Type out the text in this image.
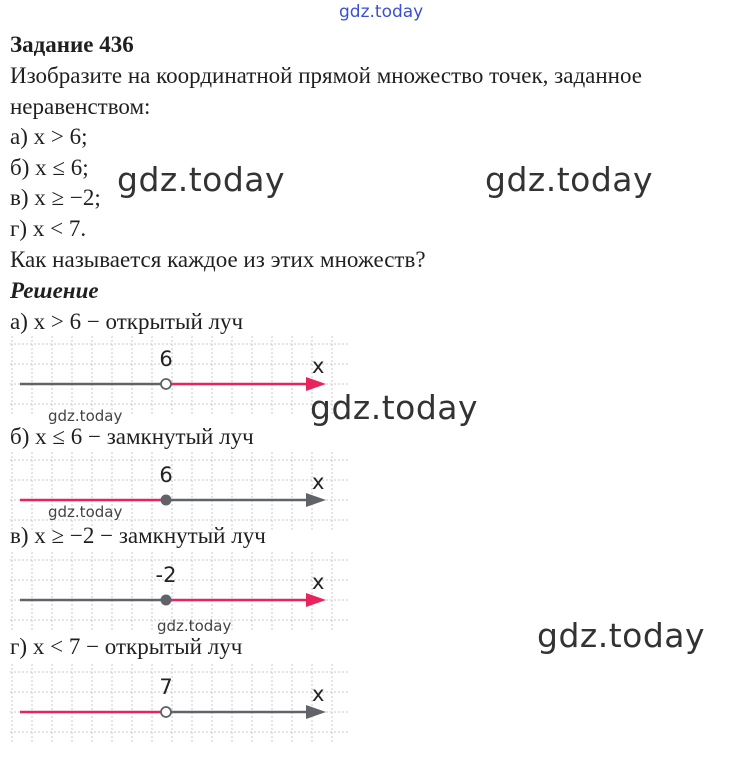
gdz.today

Задание 436

Изобразите на координатной прямой множество точек, заданное

неравенством:

а) x > 6;

б) x ≤ 6;

в) x ≥ −2;

г) x < 7.

Как называется каждое из этих множеств?

Решение

а) x > 6 − открытый луч

6	x

б) x ≤ 6 − замкнутый луч

6	x

в) x ≥ −2 − замкнутый луч

-2	x

г) x < 7 − открытый луч

7	x
gdz.today	gdz.today
gdz.today
gdz.today
gdz.today
gdz.today
gdz.today
